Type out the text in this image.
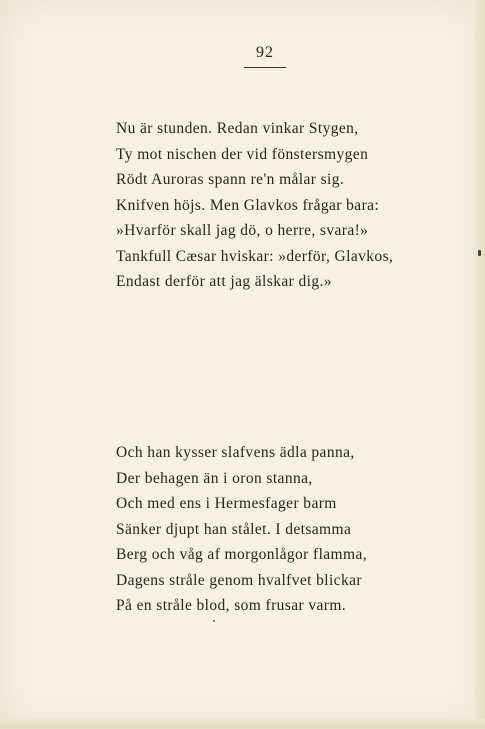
92
Nu är stunden. Redan vinkar Stygen,
Ty mot nischen der vid fönstersmygen
Rödt Auroras spann re'n målar sig.
Knifven höjs. Men Glavkos frågar bara:
»Hvarför skall jag dö, o herre, svara!»
Tankfull Cæsar hviskar: »derför, Glavkos,
Endast derför att jag älskar dig.»
Och han kysser slafvens ädla panna,
Der behagen än i oron stanna,
Och med ens i Hermesfager barm
Sänker djupt han stålet. I detsamma
Berg och våg af morgonlågor flamma,
Dagens stråle genom hvalfvet blickar
På en stråle blod, som frusar varm.
